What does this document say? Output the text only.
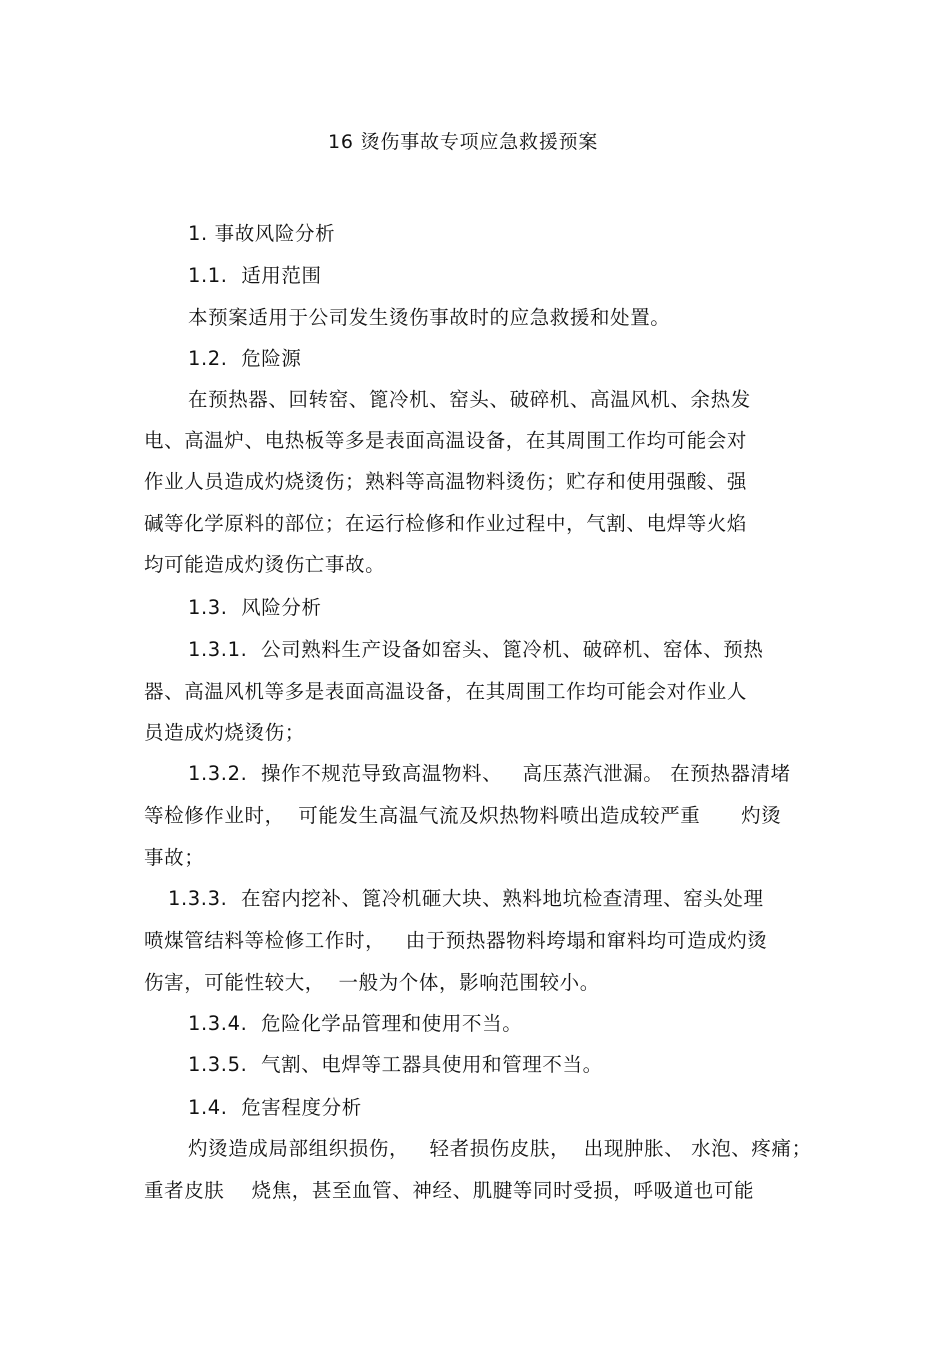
16 烫伤事故专项应急救援预案
1. 事故风险分析
1.1.  适用范围
本预案适用于公司发生烫伤事故时的应急救援和处置。
1.2.  危险源
在预热器、回转窑、篦冷机、窑头、破碎机、高温风机、余热发
电、高温炉、电热板等多是表面高温设备，在其周围工作均可能会对
作业人员造成灼烧烫伤；熟料等高温物料烫伤；贮存和使用强酸、强
碱等化学原料的部位；在运行检修和作业过程中，气割、电焊等火焰
均可能造成灼烫伤亡事故。
1.3.  风险分析
1.3.1.  公司熟料生产设备如窑头、篦冷机、破碎机、窑体、预热
器、高温风机等多是表面高温设备，在其周围工作均可能会对作业人
员造成灼烧烫伤；
1.3.2.  操作不规范导致高温物料、   高压蒸汽泄漏。 在预热器清堵
等检修作业时，  可能发生高温气流及炽热物料喷出造成较严重      灼烫
事故；
1.3.3.  在窑内挖补、篦冷机砸大块、熟料地坑检查清理、窑头处理
喷煤管结料等检修工作时，   由于预热器物料垮塌和窜料均可造成灼烫
伤害，可能性较大，  一般为个体，影响范围较小。
1.3.4.  危险化学品管理和使用不当。
1.3.5.  气割、电焊等工器具使用和管理不当。
1.4.  危害程度分析
灼烫造成局部组织损伤，   轻者损伤皮肤，  出现肿胀、 水泡、疼痛；
重者皮肤    烧焦，甚至血管、神经、肌腱等同时受损，呼吸道也可能
